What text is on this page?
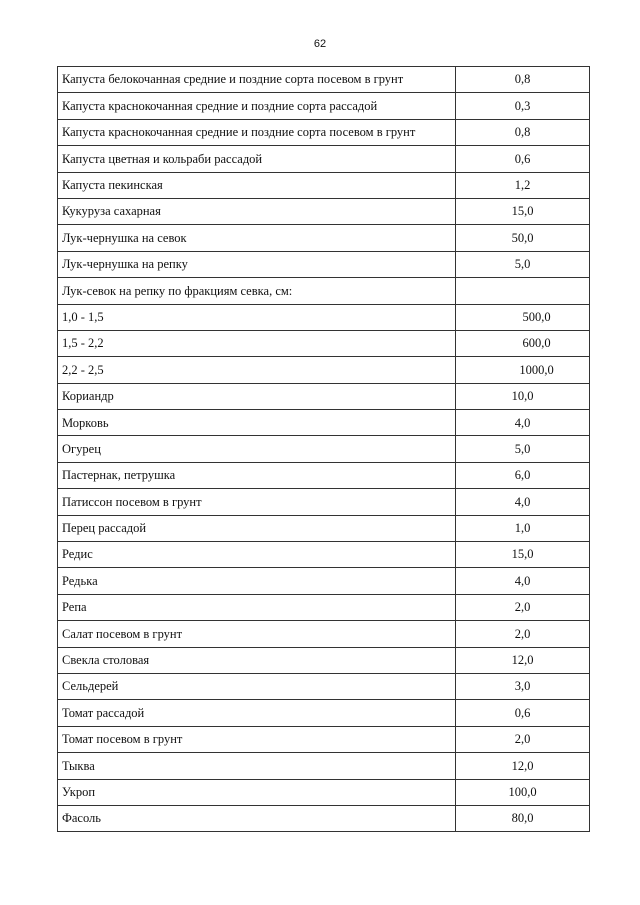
62
Капуста белокочанная средние и поздние сорта посевом в грунт	0,8
Капуста краснокочанная средние и поздние сорта рассадой	0,3
Капуста краснокочанная средние и поздние сорта посевом в грунт	0,8
Капуста цветная и кольраби рассадой	0,6
Капуста пекинская	1,2
Кукуруза сахарная	15,0
Лук-чернушка на севок	50,0
Лук-чернушка на репку	5,0
Лук-севок на репку по фракциям севка, см:	
1,0 - 1,5	500,0
1,5 - 2,2	600,0
2,2 - 2,5	1000,0
Кориандр	10,0
Морковь	4,0
Огурец	5,0
Пастернак, петрушка	6,0
Патиссон посевом в грунт	4,0
Перец рассадой	1,0
Редис	15,0
Редька	4,0
Репа	2,0
Салат посевом в грунт	2,0
Свекла столовая	12,0
Сельдерей	3,0
Томат рассадой	0,6
Томат посевом в грунт	2,0
Тыква	12,0
Укроп	100,0
Фасоль	80,0
